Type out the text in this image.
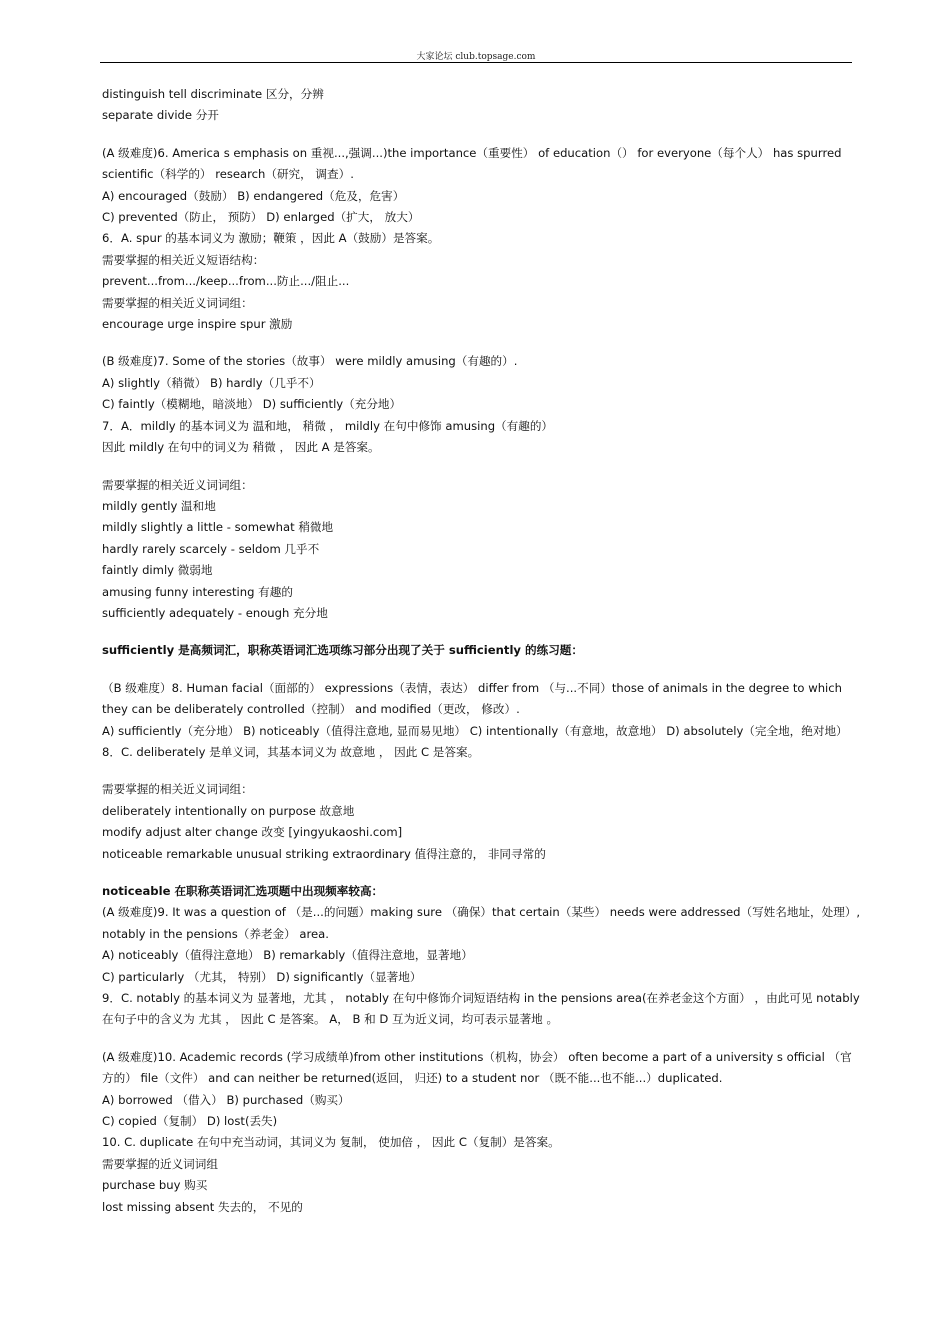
大家论坛 club.topsage.com
distinguish tell discriminate 区分，分辨
separate divide 分开
(A 级难度)6. America s emphasis on 重视...,强调...)the importance（重要性） of education（） for everyone（每个人） has spurred
scientific（科学的） research（研究， 调查）.
A) encouraged（鼓励） B) endangered（危及，危害）
C) prevented（防止， 预防） D) enlarged（扩大， 放大）
6．A. spur 的基本词义为 激励；鞭策 ，因此 A（鼓励）是答案。
需要掌握的相关近义短语结构：
prevent...from.../keep...from...防止.../阻止...
需要掌握的相关近义词词组：
encourage urge inspire spur 激励
(B 级难度)7. Some of the stories（故事） were mildly amusing（有趣的）.
A) slightly（稍微） B) hardly（几乎不）
C) faintly（模糊地，暗淡地） D) sufficiently（充分地）
7．A．mildly 的基本词义为 温和地， 稍微 ， mildly 在句中修饰 amusing（有趣的）
因此 mildly 在句中的词义为 稍微 ， 因此 A 是答案。
需要掌握的相关近义词词组：
mildly gently 温和地
mildly slightly a little - somewhat 稍微地
hardly rarely scarcely - seldom 几乎不
faintly dimly 微弱地
amusing funny interesting 有趣的
sufficiently adequately - enough 充分地
sufficiently 是高频词汇，职称英语词汇选项练习部分出现了关于 sufficiently 的练习题：
（B 级难度）8. Human facial（面部的） expressions（表情，表达） differ from （与...不同）those of animals in the degree to which they can be deliberately controlled（控制） and modified（更改， 修改）.
A) sufficiently（充分地） B) noticeably（值得注意地, 显而易见地） C) intentionally（有意地，故意地） D) absolutely（完全地，绝对地）
8．C. deliberately 是单义词，其基本词义为 故意地 ， 因此 C 是答案。
需要掌握的相关近义词词组：
deliberately intentionally on purpose 故意地
modify adjust alter change 改变 [yingyukaoshi.com]
noticeable remarkable unusual striking extraordinary 值得注意的， 非同寻常的
noticeable 在职称英语词汇选项题中出现频率较高：
(A 级难度)9. It was a question of （是...的问题）making sure （确保）that certain（某些） needs were addressed（写姓名地址，处理）, notably in the pensions（养老金） area.
A) noticeably（值得注意地） B) remarkably（值得注意地，显著地）
C) particularly （尤其， 特别） D) significantly（显著地）
9．C. notably 的基本词义为 显著地，尤其 ， notably 在句中修饰介词短语结构 in the pensions area(在养老金这个方面） ，由此可见 notably 在句子中的含义为 尤其 ， 因此 C 是答案。 A， B 和 D 互为近义词，均可表示显著地 。
(A 级难度)10. Academic records (学习成绩单)from other institutions（机构，协会） often become a part of a university s official （官方的） file（文件） and can neither be returned(返回， 归还) to a student nor （既不能...也不能...）duplicated.
A) borrowed （借入） B) purchased（购买）
C) copied（复制） D) lost(丢失)
10. C. duplicate 在句中充当动词，其词义为 复制， 使加倍 ， 因此 C（复制）是答案。
需要掌握的近义词词组
purchase buy 购买
lost missing absent 失去的， 不见的
